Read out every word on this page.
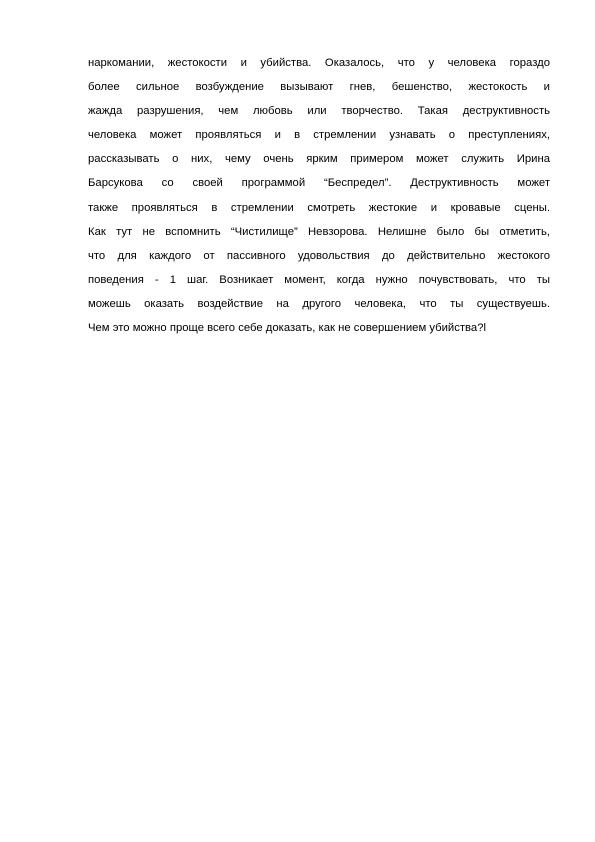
наркомании, жестокости и убийства. Оказалось, что у человека гораздо
более сильное возбуждение вызывают гнев, бешенство, жестокость и
жажда разрушения, чем любовь или творчество. Такая деструктивность
человека может проявляться и в стремлении узнавать о преступлениях,
рассказывать о них, чему очень ярким примером может служить Ирина
Барсукова со своей программой “Беспредел”. Деструктивность может
также проявляться в стремлении смотреть жестокие и кровавые сцены.
Как тут не вспомнить “Чистилище” Невзорова. Нелишне было бы отметить,
что для каждого от пассивного удовольствия до действительно жестокого
поведения - 1 шаг. Возникает момент, когда нужно почувствовать, что ты
можешь оказать воздействие на другого человека, что ты существуешь.
Чем это можно проще всего себе доказать, как не совершением убийства?l
